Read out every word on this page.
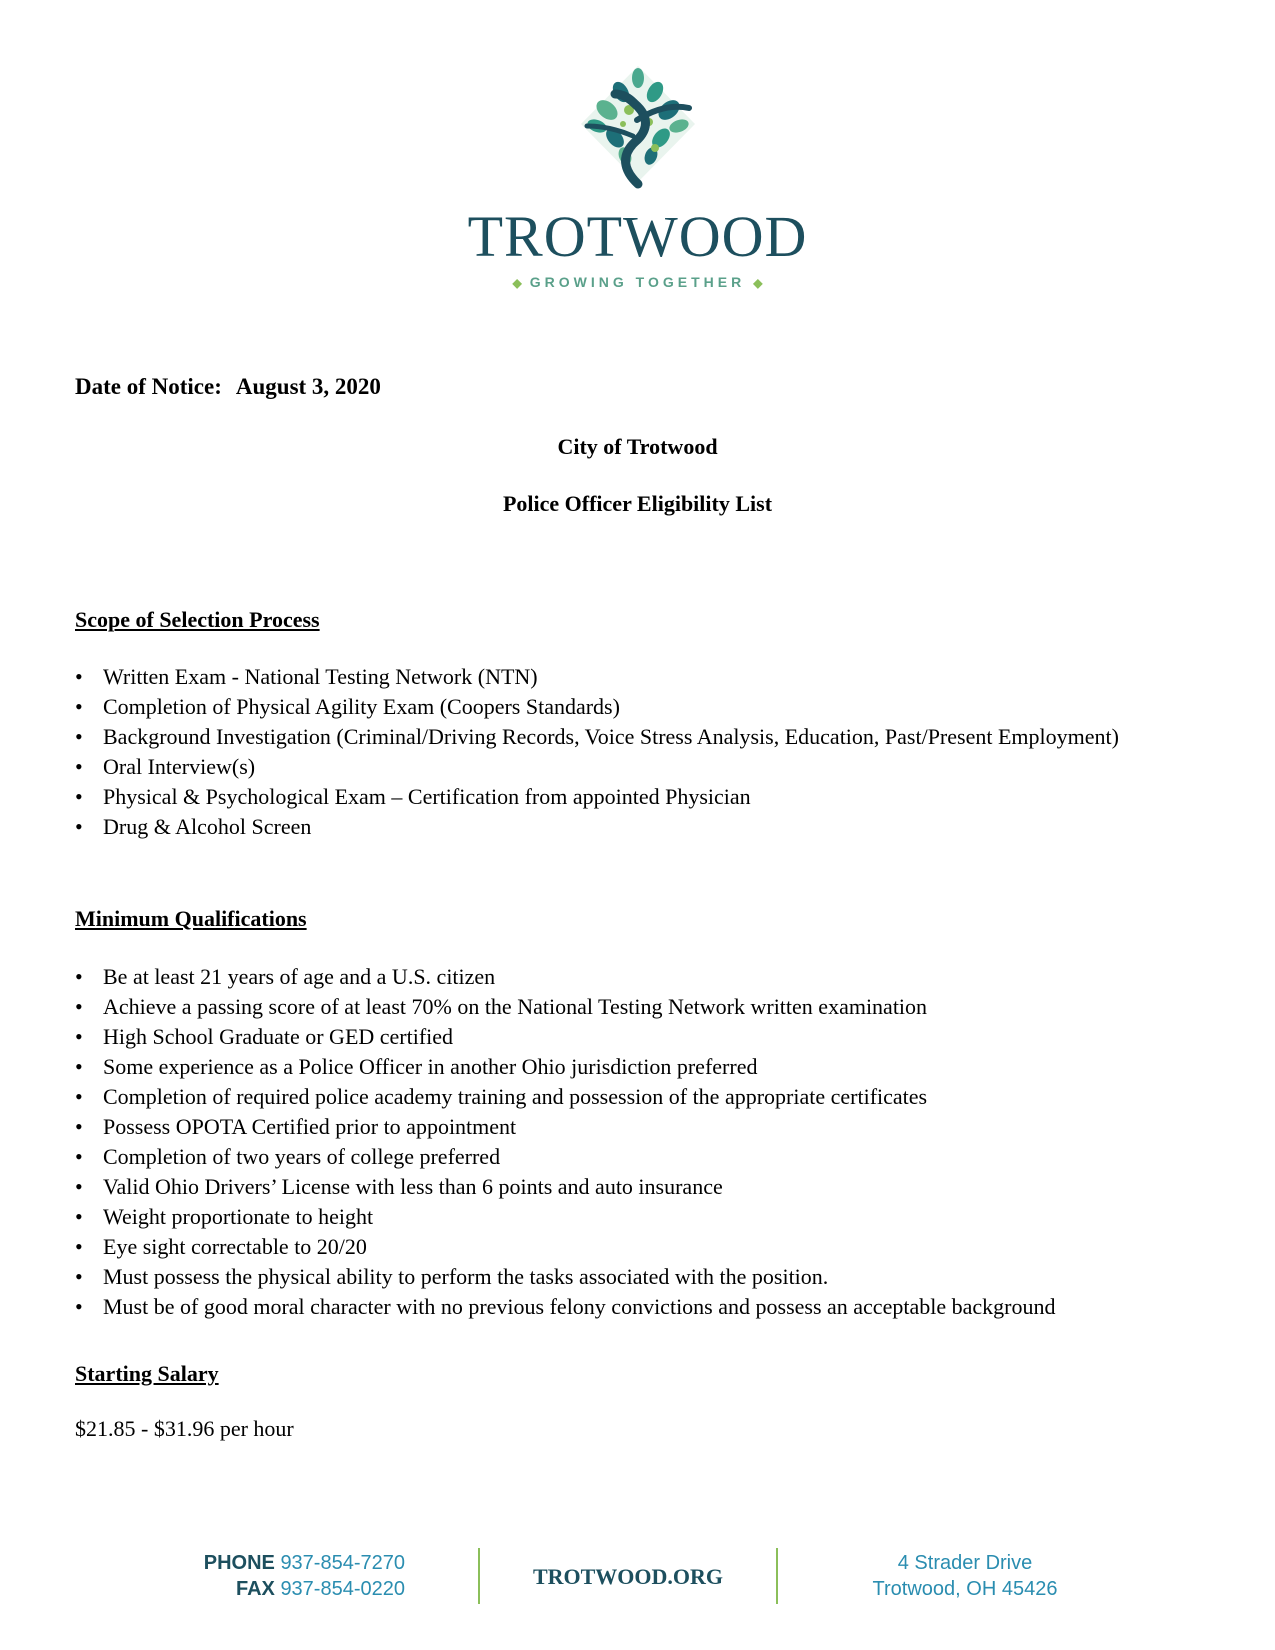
TROTWOOD
◆ GROWING TOGETHER ◆
Date of Notice: August 3, 2020
City of Trotwood
Police Officer Eligibility List
Scope of Selection Process
• Written Exam - National Testing Network (NTN)
• Completion of Physical Agility Exam (Coopers Standards)
• Background Investigation (Criminal/Driving Records, Voice Stress Analysis, Education, Past/Present Employment)
• Oral Interview(s)
• Physical & Psychological Exam – Certification from appointed Physician
• Drug & Alcohol Screen
Minimum Qualifications
• Be at least 21 years of age and a U.S. citizen
• Achieve a passing score of at least 70% on the National Testing Network written examination
• High School Graduate or GED certified
• Some experience as a Police Officer in another Ohio jurisdiction preferred
• Completion of required police academy training and possession of the appropriate certificates
• Possess OPOTA Certified prior to appointment
• Completion of two years of college preferred
• Valid Ohio Drivers’ License with less than 6 points and auto insurance
• Weight proportionate to height
• Eye sight correctable to 20/20
• Must possess the physical ability to perform the tasks associated with the position.
• Must be of good moral character with no previous felony convictions and possess an acceptable background
Starting Salary
$21.85 - $31.96 per hour
PHONE 937-854-7270
FAX 937-854-0220	TROTWOOD.ORG
4 Strader Drive
Trotwood, OH 45426
